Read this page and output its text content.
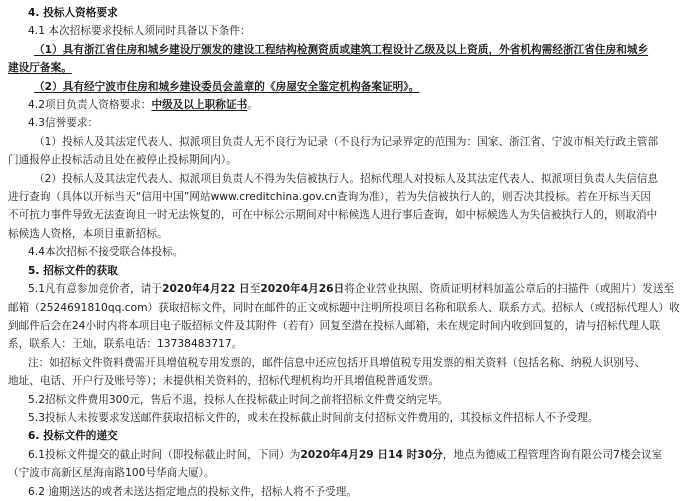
4. 投标人资格要求
4.1 本次招标要求投标人须同时具备以下条件：
（1）具有浙江省住房和城乡建设厅颁发的建设工程结构检测资质或建筑工程设计乙级及以上资质，外省机构需经浙江省住房和城乡
建设厅备案。
（2）具有经宁波市住房和城乡建设委员会盖章的《房屋安全鉴定机构备案证明》。
4.2项目负责人资格要求：中级及以上职称证书。
4.3信誉要求：
（1）投标人及其法定代表人、拟派项目负责人无不良行为记录（不良行为记录界定的范围为：国家、浙江省、宁波市相关行政主管部
门通报停止投标活动且处在被停止投标期间内）。
（2）投标人及其法定代表人、拟派项目负责人不得为失信被执行人。招标代理人对投标人及其法定代表人、拟派项目负责人失信信息
进行查询（具体以开标当天“信用中国”网站www.creditchina.gov.cn查询为准），若为失信被执行人的，则否决其投标。若在开标当天因
不可抗力事件导致无法查询且一时无法恢复的，可在中标公示期间对中标候选人进行事后查询，如中标候选人为失信被执行人的，则取消中
标候选人资格，本项目重新招标。
4.4本次招标不接受联合体投标。
5. 招标文件的获取
5.1凡有意参加竞价者，请于2020年4月22 日至2020年4月26日将企业营业执照、资质证明材料加盖公章后的扫描件（或照片）发送至
邮箱（2524691810qq.com）获取招标文件，同时在邮件的正文或标题中注明所投项目名称和联系人、联系方式。招标人（或招标代理人）收
到邮件后会在24小时内将本项目电子版招标文件及其附件（若有）回复至潜在投标人邮箱，未在规定时间内收到回复的，请与招标代理人联
系，联系人：王灿，联系电话：13738483717。
注：如招标文件资料费需开具增值税专用发票的，邮件信息中还应包括开具增值税专用发票的相关资料（包括名称、纳税人识别号、
地址、电话、开户行及账号等）；未提供相关资料的，招标代理机构均开具增值税普通发票。
5.2招标文件费用300元，售后不退，投标人在投标截止时间之前将招标文件费交纳完毕。
5.3投标人未按要求发送邮件获取招标文件的，或未在投标截止时间前支付招标文件费用的，其投标文件招标人不予受理。
6. 投标文件的递交
6.1投标文件提交的截止时间（即投标截止时间，下同）为2020年4月29 日14 时30分，地点为德威工程管理咨询有限公司7楼会议室
（宁波市高新区星海南路100号华商大厦）。
6.2 逾期送达的或者未送达指定地点的投标文件，招标人将不予受理。
